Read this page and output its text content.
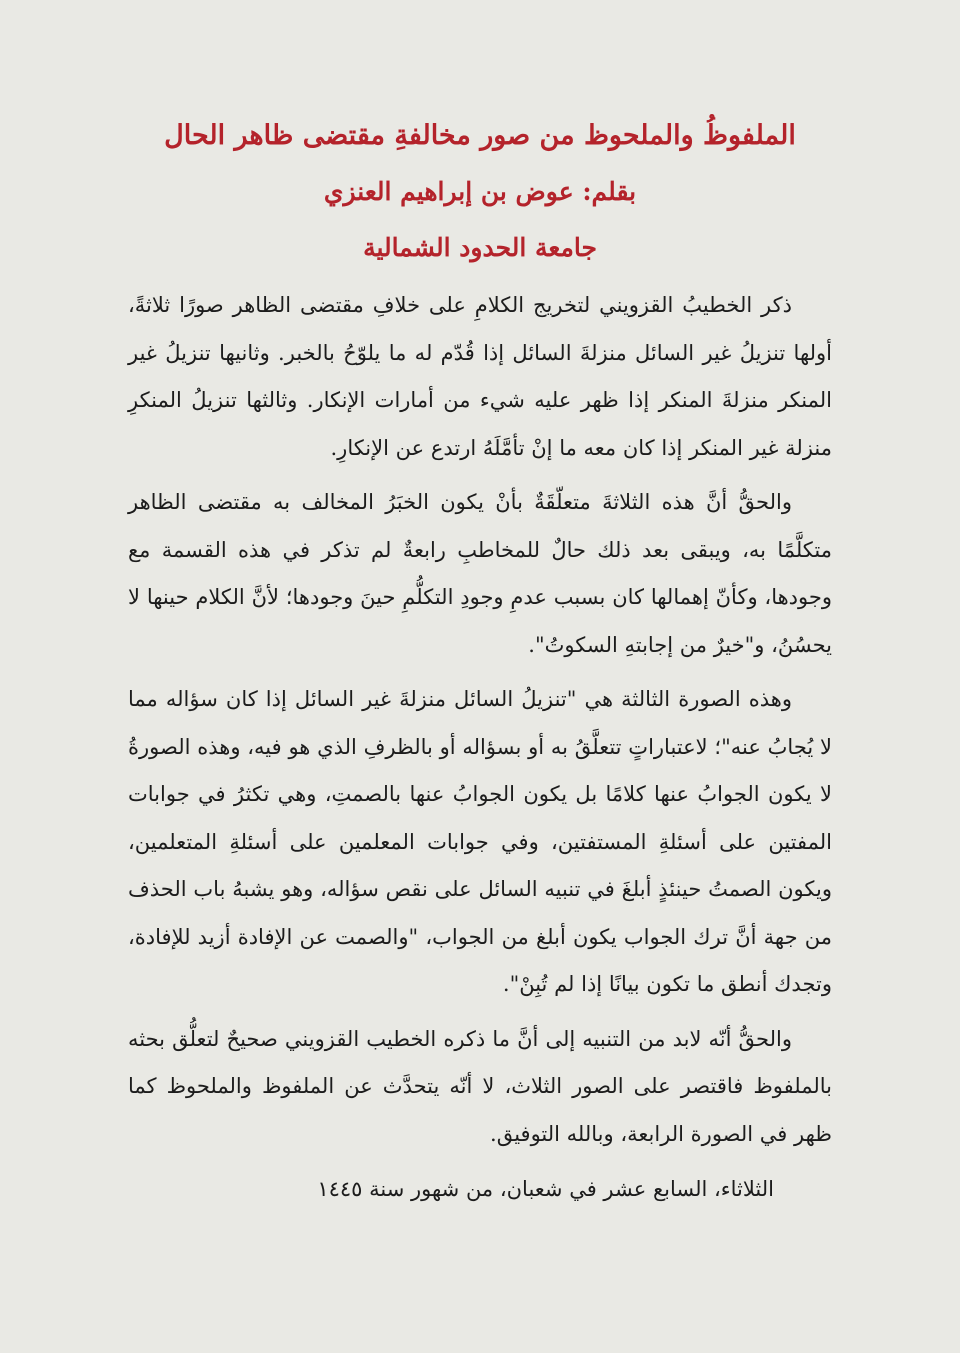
الملفوظُ والملحوظ من صور مخالفةِ مقتضى ظاهر الحال

بقلم: عوض بن إبراهيم العنزي

جامعة الحدود الشمالية

ذكر الخطيبُ القزويني لتخريج الكلامِ على خلافِ مقتضى الظاهر صورًا ثلاثةً، أولها تنزيلُ غير السائل منزلةَ السائل إذا قُدّم له ما يلوّحُ بالخبر. وثانيها تنزيلُ غير المنكر منزلةَ المنكر إذا ظهر عليه شيء من أمارات الإنكار. وثالثها تنزيلُ المنكرِ منزلة غير المنكر إذا كان معه ما إنْ تأمَّلَهُ ارتدع عن الإنكارِ.

والحقُّ أنَّ هذه الثلاثةَ متعلّقَةٌ بأنْ يكون الخبَرُ المخالف به مقتضى الظاهر متكلَّمًا به، ويبقى بعد ذلك حالٌ للمخاطبِ رابعةٌ لم تذكر في هذه القسمة مع وجودها، وكأنّ إهمالها كان بسبب عدمِ وجودِ التكلُّمِ حينَ وجودها؛ لأنَّ الكلام حينها لا يحسُنُ، و"خيرٌ من إجابتهِ السكوتُ".

وهذه الصورة الثالثة هي "تنزيلُ السائل منزلةَ غير السائل إذا كان سؤاله مما لا يُجابُ عنه"؛ لاعتباراتٍ تتعلَّقُ به أو بسؤاله أو بالظرفِ الذي هو فيه، وهذه الصورةُ لا يكون الجوابُ عنها كلامًا بل يكون الجوابُ عنها بالصمتِ، وهي تكثرُ في جوابات المفتين على أسئلةِ المستفتين، وفي جوابات المعلمين على أسئلةِ المتعلمين، ويكون الصمتُ حينئذٍ أبلغَ في تنبيه السائل على نقص سؤاله، وهو يشبهُ باب الحذف من جهة أنَّ ترك الجواب يكون أبلغ من الجواب، "والصمت عن الإفادة أزيد للإفادة، وتجدك أنطق ما تكون بيانًا إذا لم تُبِنْ".

والحقُّ أنّه لابد من التنبيه إلى أنَّ ما ذكره الخطيب القزويني صحيحٌ لتعلُّق بحثه بالملفوظ فاقتصر على الصور الثلاث، لا أنّه يتحدَّث عن الملفوظ والملحوظ كما ظهر في الصورة الرابعة، وبالله التوفيق.

الثلاثاء، السابع عشر في شعبان، من شهور سنة ١٤٤٥
